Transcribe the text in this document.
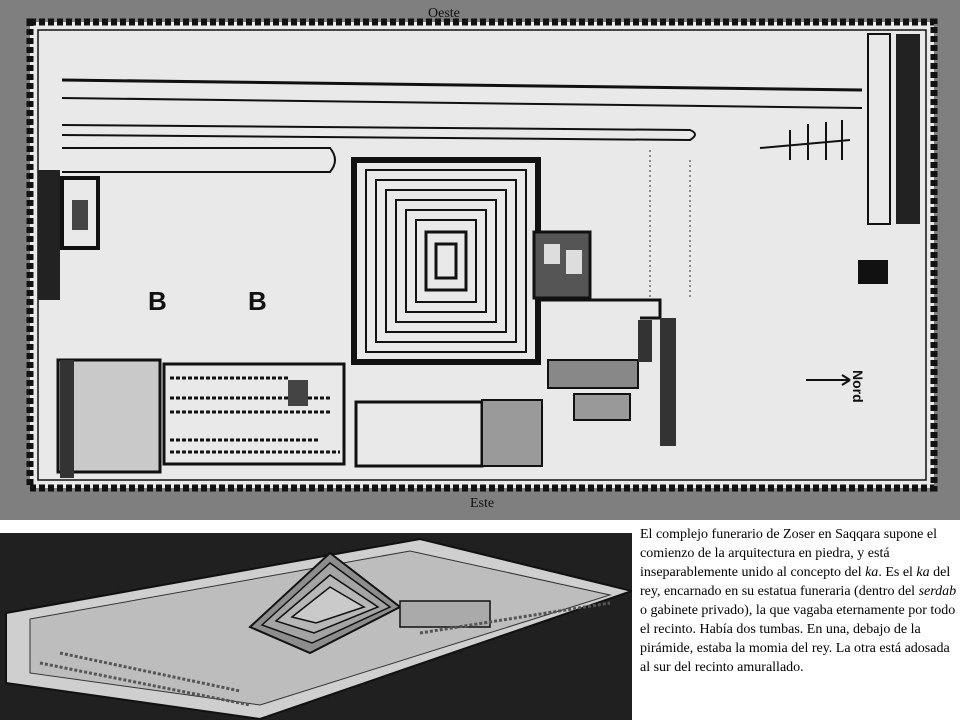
Oeste
Este
B	B
Nord
El complejo funerario de Zoser en Saqqara supone el comienzo de la arquitectura en piedra, y está inseparablemente unido al concepto del ka. Es el ka del rey, encarnado en su estatua funeraria (dentro del serdab o gabinete privado), la que vagaba eternamente por todo el recinto. Había dos tumbas. En una, debajo de la pirámide, estaba la momia del rey. La otra está adosada al sur del recinto amurallado.
